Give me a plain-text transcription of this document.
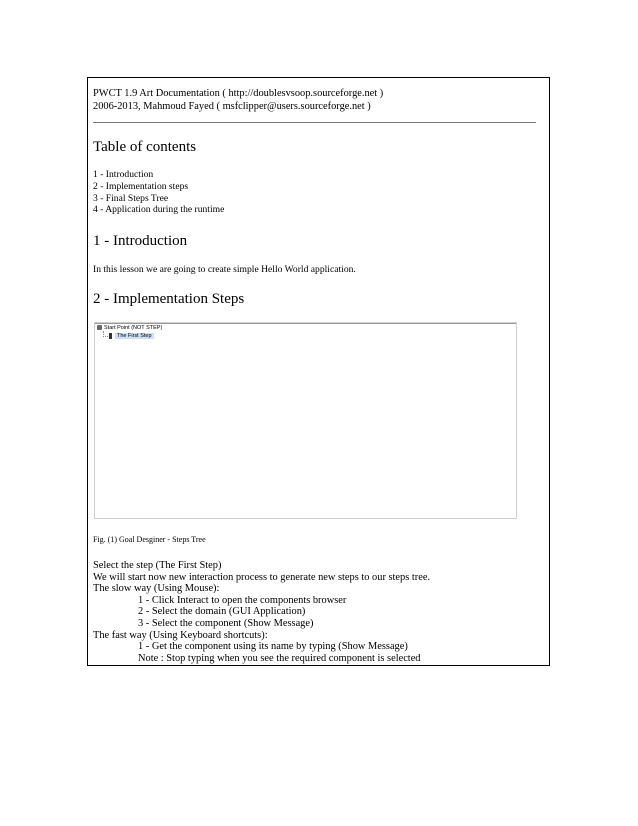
PWCT 1.9 Art Documentation ( http://doublesvsoop.sourceforge.net )
2006-2013, Mahmoud Fayed ( msfclipper@users.sourceforge.net )
Table of contents
1 - Introduction
2 - Implementation steps
3 - Final Steps Tree
4 - Application during the runtime
1 - Introduction
In this lesson we are going to create simple Hello World application.
2 - Implementation Steps
Start Point (NOT STEP)
The First Step
Fig. (1) Goal Desginer - Steps Tree
Select the step (The First Step)
We will start now new interaction process to generate new steps to our steps tree.
The slow way (Using Mouse):
1 - Click Interact to open the components browser
2 - Select the domain (GUI Application)
3 - Select the component (Show Message)
The fast way (Using Keyboard shortcuts):
1 - Get the component using its name by typing (Show Message)
Note : Stop typing when you see the required component is selected
